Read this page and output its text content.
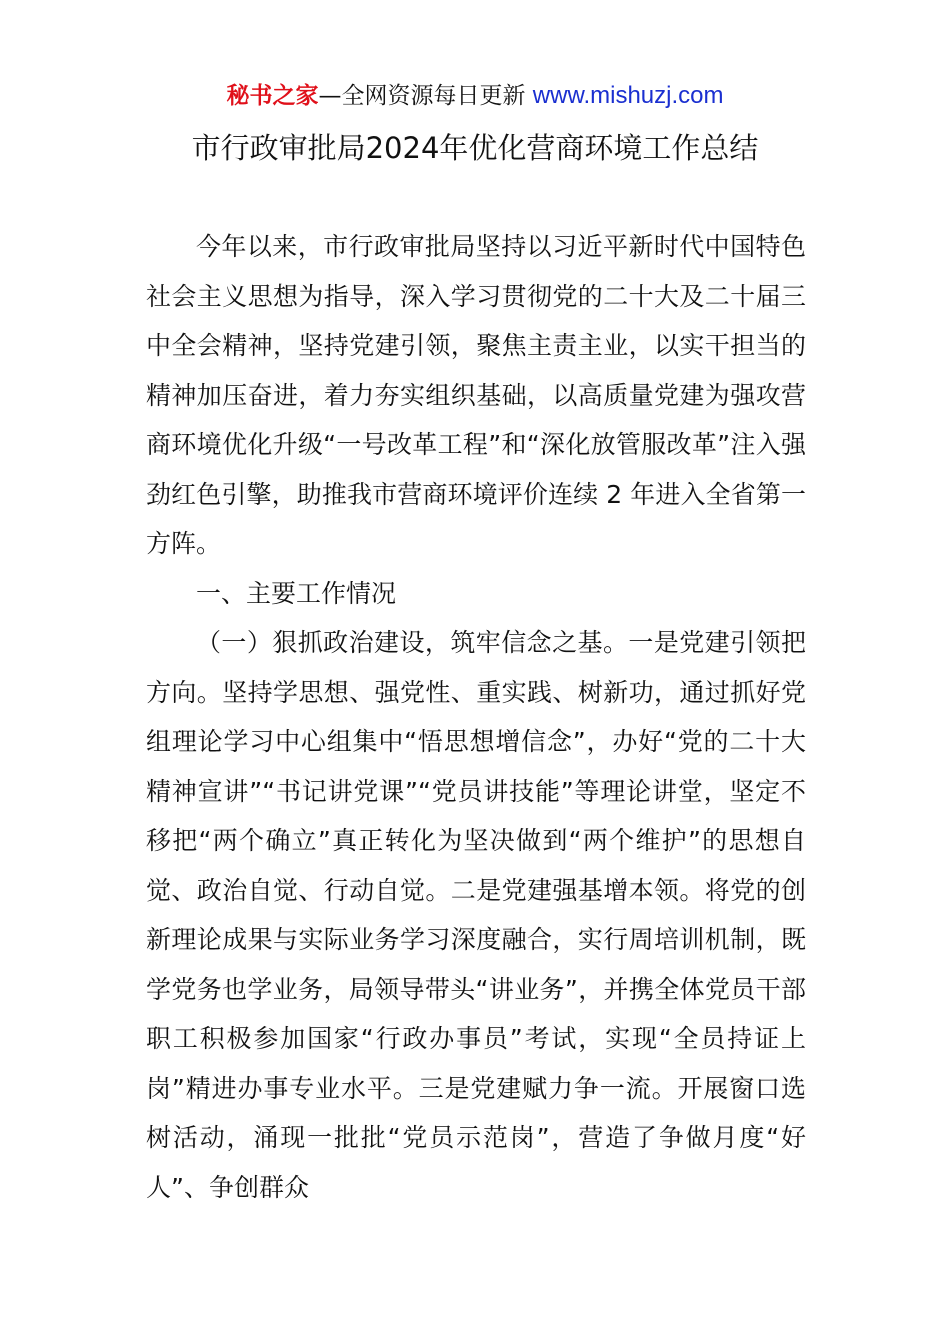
秘书之家—全网资源每日更新 www.mishuzj.com
市行政审批局2024年优化营商环境工作总结

今年以来，市行政审批局坚持以习近平新时代中国特色社会主义思想为指导，深入学习贯彻党的二十大及二十届三中全会精神，坚持党建引领，聚焦主责主业，以实干担当的精神加压奋进，着力夯实组织基础，以高质量党建为强攻营商环境优化升级“一号改革工程”和“深化放管服改革”注入强劲红色引擎，助推我市营商环境评价连续 2 年进入全省第一方阵。

一、主要工作情况

（一）狠抓政治建设，筑牢信念之基。一是党建引领把方向。坚持学思想、强党性、重实践、树新功，通过抓好党组理论学习中心组集中“悟思想增信念”，办好“党的二十大精神宣讲”“书记讲党课”“党员讲技能”等理论讲堂，坚定不移把“两个确立”真正转化为坚决做到“两个维护”的思想自觉、政治自觉、行动自觉。二是党建强基增本领。将党的创新理论成果与实际业务学习深度融合，实行周培训机制，既学党务也学业务，局领导带头“讲业务”，并携全体党员干部职工积极参加国家“行政办事员”考试，实现“全员持证上岗”精进办事专业水平。三是党建赋力争一流。开展窗口选树活动，涌现一批批“党员示范岗”，营造了争做月度“好人”、争创群众
